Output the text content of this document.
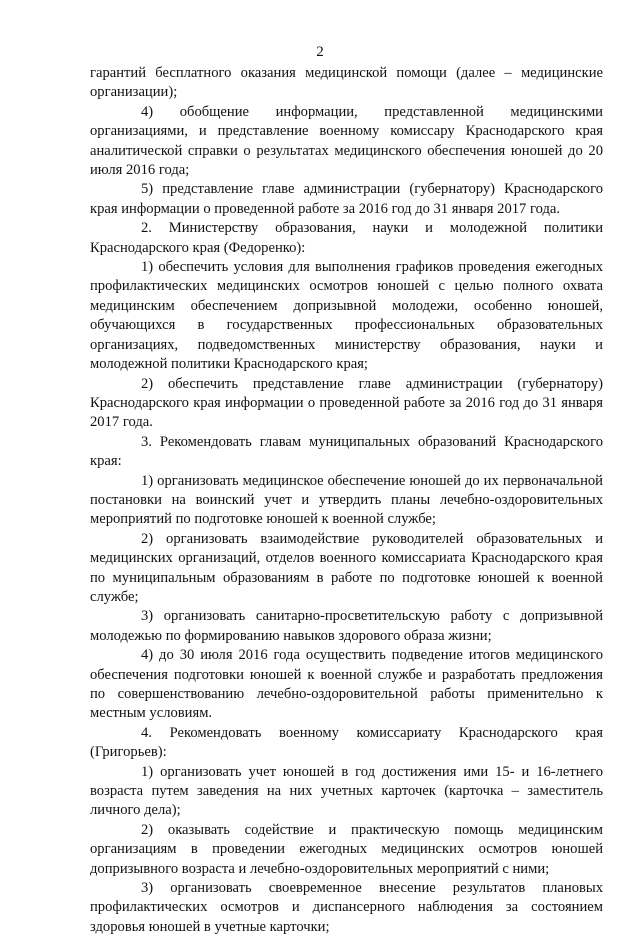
2

гарантий бесплатного оказания медицинской помощи (далее – медицинские организации);

4) обобщение информации, представленной медицинскими организациями, и представление военному комиссару Краснодарского края аналитической справки о результатах медицинского обеспечения юношей до 20 июля 2016 года;

5) представление главе администрации (губернатору) Краснодарского края информации о проведенной работе за 2016 год до 31 января 2017 года.

2. Министерству образования, науки и молодежной политики Краснодарского края (Федоренко):

1) обеспечить условия для выполнения графиков проведения ежегодных профилактических медицинских осмотров юношей с целью полного охвата медицинским обеспечением допризывной молодежи, особенно юношей, обучающихся в государственных профессиональных образовательных организациях, подведомственных министерству образования, науки и молодежной политики Краснодарского края;

2) обеспечить представление главе администрации (губернатору) Краснодарского края информации о проведенной работе за 2016 год до 31 января 2017 года.

3. Рекомендовать главам муниципальных образований Краснодарского края:

1) организовать медицинское обеспечение юношей до их первоначальной постановки на воинский учет и утвердить планы лечебно-оздоровительных мероприятий по подготовке юношей к военной службе;

2) организовать взаимодействие руководителей образовательных и медицинских организаций, отделов военного комиссариата Краснодарского края по муниципальным образованиям в работе по подготовке юношей к военной службе;

3) организовать санитарно-просветительскую работу с допризывной молодежью по формированию навыков здорового образа жизни;

4) до 30 июля 2016 года осуществить подведение итогов медицинского обеспечения подготовки юношей к военной службе и разработать предложения по совершенствованию лечебно-оздоровительной работы применительно к местным условиям.

4. Рекомендовать военному комиссариату Краснодарского края (Григорьев):

1) организовать учет юношей в год достижения ими 15- и 16-летнего возраста путем заведения на них учетных карточек (карточка – заместитель личного дела);

2) оказывать содействие и практическую помощь медицинским организациям в проведении ежегодных медицинских осмотров юношей допризывного возраста и лечебно-оздоровительных мероприятий с ними;

3) организовать своевременное внесение результатов плановых профилактических осмотров и диспансерного наблюдения за состоянием здоровья юношей в учетные карточки;
